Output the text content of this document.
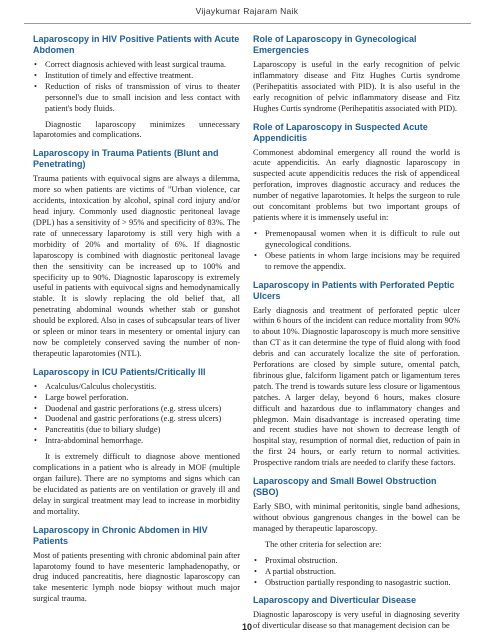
Vijaykumar Rajaram Naik
Laparoscopy in HIV Positive Patients with Acute Abdomen
• Correct diagnosis achieved with least surgical trauma.
• Institution of timely and effective treatment.
• Reduction of risks of transmission of virus to theater personnel's due to small incision and less contact with patient's body fluids.

Diagnostic laparoscopy minimizes unnecessary laparotomies and complications.

Laparoscopy in Trauma Patients (Blunt and Penetrating)

Trauma patients with equivocal signs are always a dilemma, more so when patients are victims of "Urban violence, car accidents, intoxication by alcohol, spinal cord injury and/or head injury. Commonly used diagnostic peritoneal lavage (DPL) has a sensitivity of > 95% and specificity of 83%. The rate of unnecessary laparotomy is still very high with a morbidity of 20% and mortality of 6%. If diagnostic laparoscopy is combined with diagnostic peritoneal lavage then the sensitivity can be increased up to 100% and specificity up to 90%. Diagnostic laparoscopy is extremely useful in patients with equivocal signs and hemodynamically stable. It is slowly replacing the old belief that, all penetrating abdominal wounds whether stab or gunshot should be explored. Also in cases of subcapsular tears of liver or spleen or minor tears in mesentery or omental injury can now be completely conserved saving the number of non-therapeutic laparotomies (NTL).

Laparoscopy in ICU Patients/Critically Ill
• Acalculus/Calculus cholecystitis.
• Large bowel perforation.
• Duodenal and gastric perforations (e.g. stress ulcers)
• Duodenal and gastric perforations (e.g. stress ulcers)
• Pancreatitis (due to biliary sludge)
• Intra-abdominal hemorrhage.

It is extremely difficult to diagnose above mentioned complications in a patient who is already in MOF (multiple organ failure). There are no symptoms and signs which can be elucidated as patients are on ventilation or gravely ill and delay in surgical treatment may lead to increase in morbidity and mortality.

Laparoscopy in Chronic Abdomen in HIV Patients

Most of patients presenting with chronic abdominal pain after laparotomy found to have mesenteric lamphadenopathy, or drug induced pancreatitis, here diagnostic laparoscopy can take mesenteric lymph node biopsy without much major surgical trauma.

Role of Laparoscopy in Gynecological Emergencies

Laparoscopy is useful in the early recognition of pelvic inflammatory disease and Fitz Hughes Curtis syndrome (Perihepatitis associated with PID). It is also useful in the early recognition of pelvic inflammatory disease and Fitz Hughes Curtis syndrome (Perihepatitis associated with PID).

Role of Laparoscopy in Suspected Acute Appendicitis

Commonest abdominal emergency all round the world is acute appendicitis. An early diagnostic laparoscopy in suspected acute appendicitis reduces the risk of appendiceal perforation, improves diagnostic accuracy and reduces the number of negative laparotomies. It helps the surgeon to rule out concomitant problems but two important groups of patients where it is immensely useful in:

• Premenopausal women when it is difficult to rule out gynecological conditions.
• Obese patients in whom large incisions may be required to remove the appendix.
Laparoscopy in Patients with Perforated Peptic Ulcers

Early diagnosis and treatment of perforated peptic ulcer within 6 hours of the incident can reduce mortality from 90% to about 10%. Diagnostic laparoscopy is much more sensitive than CT as it can determine the type of fluid along with food debris and can accurately localize the site of perforation. Perforations are closed by simple suture, omental patch, fibrinous glue, falciform ligament patch or ligamentum teres patch. The trend is towards suture less closure or ligamentous patches. A larger delay, beyond 6 hours, makes closure difficult and hazardous due to inflammatory changes and phlegmon. Main disadvantage is increased operating time and recent studies have not shown to decrease length of hospital stay, resumption of normal diet, reduction of pain in the first 24 hours, or early return to normal activities. Prospective random trials are needed to clarify these factors.

Laparoscopy and Small Bowel Obstruction (SBO)

Early SBO, with minimal peritonitis, single band adhesions, without obvious gangrenous changes in the bowel can be managed by therapeutic laparoscopy.

The other criteria for selection are:

• Proximal obstruction.
• A partial obstruction.
• Obstruction partially responding to nasogastric suction.
Laparoscopy and Diverticular Disease

Diagnostic laparoscopy is very useful in diagnosing severity of diverticular disease so that management decision can be

10
